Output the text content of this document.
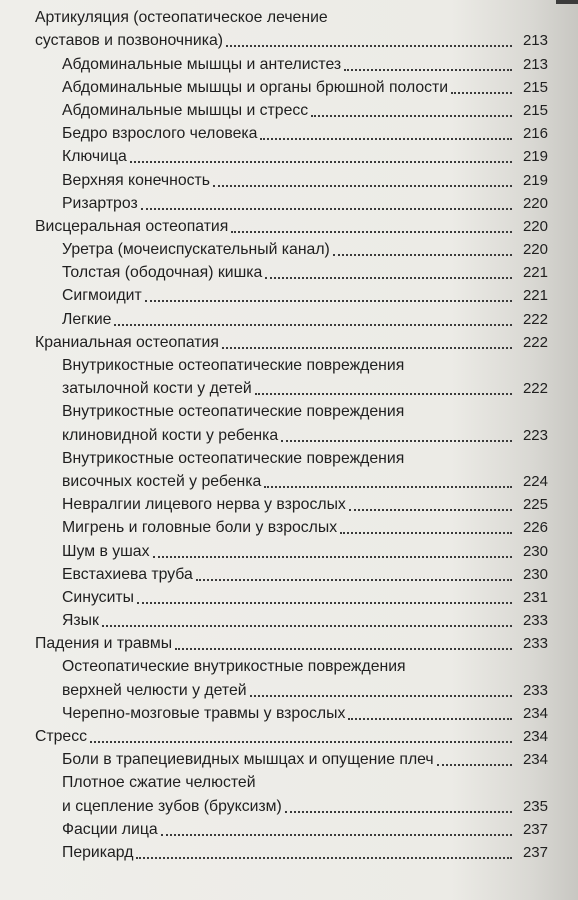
Артикуляция (остеопатическое лечение
суставов и позвоночника)	213
Абдоминальные мышцы и антелистез	213
Абдоминальные мышцы и органы брюшной полости	215
Абдоминальные мышцы и стресс	215
Бедро взрослого человека	216
Ключица	219
Верхняя конечность	219
Ризартроз	220
Висцеральная остеопатия	220
Уретра (мочеиспускательный канал)	220
Толстая (ободочная) кишка	221
Сигмоидит	221
Легкие	222
Краниальная остеопатия	222
Внутрикостные остеопатические повреждения
затылочной кости у детей	222
Внутрикостные остеопатические повреждения
клиновидной кости у ребенка	223
Внутрикостные остеопатические повреждения
височных костей у ребенка	224
Невралгии лицевого нерва у взрослых	225
Мигрень и головные боли у взрослых	226
Шум в ушах	230
Евстахиева труба	230
Синуситы	231
Язык	233
Падения и травмы	233
Остеопатические внутрикостные повреждения
верхней челюсти у детей	233
Черепно-мозговые травмы у взрослых	234
Стресс	234
Боли в трапециевидных мышцах и опущение плеч	234
Плотное сжатие челюстей
и сцепление зубов (бруксизм)	235
Фасции лица	237
Перикард	237
